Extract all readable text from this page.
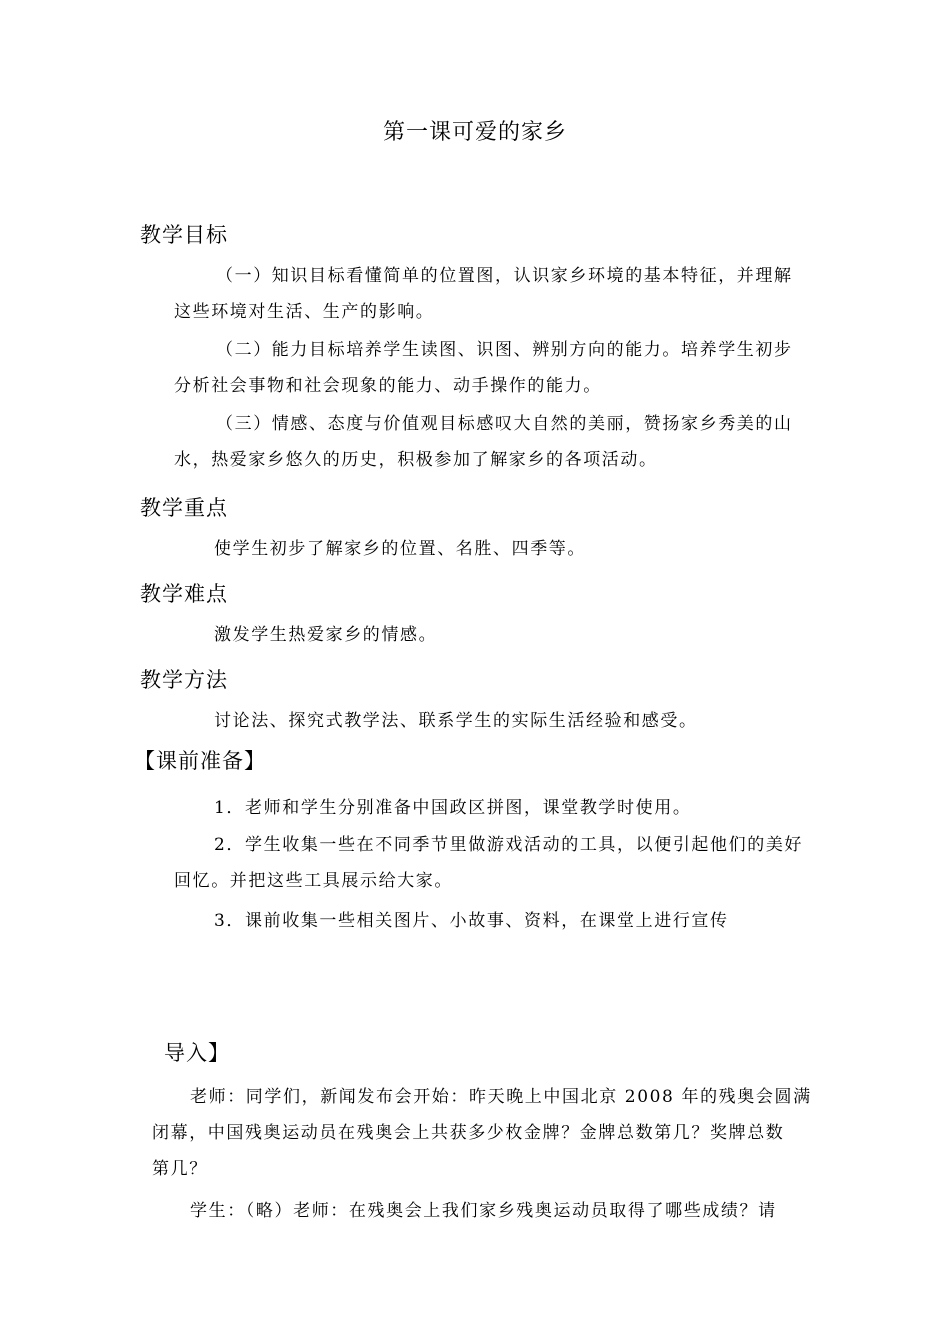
第一课可爱的家乡
教学目标
（一）知识目标看懂简单的位置图，认识家乡环境的基本特征，并理解
这些环境对生活、生产的影响。
（二）能力目标培养学生读图、识图、辨别方向的能力。培养学生初步
分析社会事物和社会现象的能力、动手操作的能力。
（三）情感、态度与价值观目标感叹大自然的美丽，赞扬家乡秀美的山
水，热爱家乡悠久的历史，积极参加了解家乡的各项活动。
教学重点
使学生初步了解家乡的位置、名胜、四季等。
教学难点
激发学生热爱家乡的情感。
教学方法
讨论法、探究式教学法、联系学生的实际生活经验和感受。
【课前准备】
1．老师和学生分别准备中国政区拼图，课堂教学时使用。
2．学生收集一些在不同季节里做游戏活动的工具，以便引起他们的美好
回忆。并把这些工具展示给大家。
3．课前收集一些相关图片、小故事、资料，在课堂上进行宣传
导入】
老师：同学们，新闻发布会开始：昨天晚上中国北京 2008 年的残奥会圆满
闭幕，中国残奥运动员在残奥会上共获多少枚金牌？金牌总数第几？奖牌总数
第几？
学生：（略）老师：在残奥会上我们家乡残奥运动员取得了哪些成绩？请
